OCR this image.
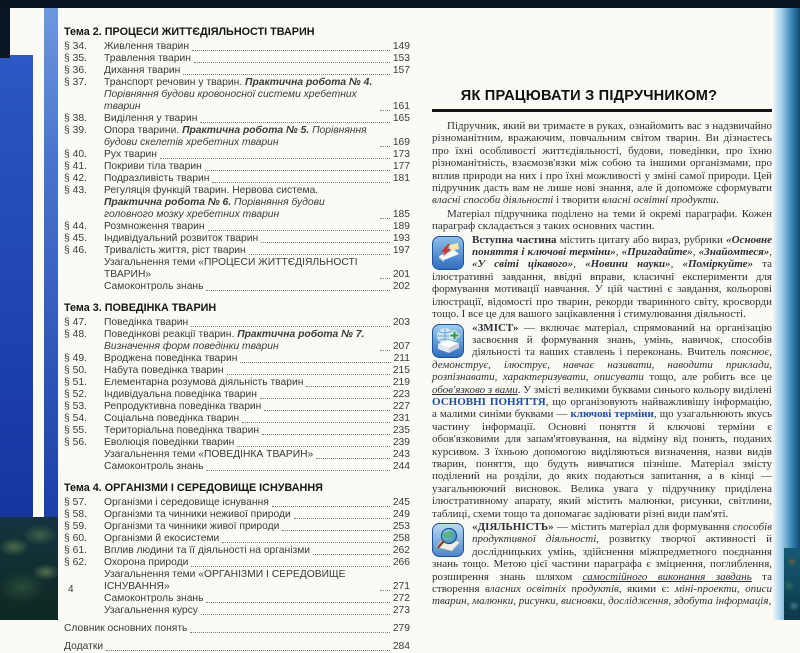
Тема 2. ПРОЦЕСИ ЖИТТЄДІЯЛЬНОСТІ ТВАРИН
§ 34.	Живлення тварин	149
§ 35.	Травлення тварин	153
§ 36.	Дихання тварин	157
§ 37.	Транспорт речовин у тварин. Практична робота № 4. Порівняння будови кровоносної системи хребетних тварин	161
§ 38.	Виділення у тварин	165
§ 39.	Опора тварини. Практична робота № 5. Порівняння будови скелетів хребетних тварин	169
§ 40.	Рух тварин	173
§ 41.	Покриви тіла тварин	177
§ 42.	Подразливість тварин	181
§ 43.	Регуляція функцій тварин. Нервова система. Практична робота № 6. Порівняння будови головного мозку хребетних тварин	185
§ 44.	Розмноження тварин	189
§ 45.	Індивідуальний розвиток тварин	193
§ 46.	Тривалість життя, ріст тварин	197
Узагальнення теми «ПРОЦЕСИ ЖИТТЄДІЯЛЬНОСТІ ТВАРИН»	201
Самоконтроль знань	202
Тема 3. ПОВЕДІНКА ТВАРИН
§ 47.	Поведінка тварин	203
§ 48.	Поведінкові реакції тварин. Практична робота № 7. Визначення форм поведінки тварин	207
§ 49.	Вроджена поведінка тварин	211
§ 50.	Набута поведінка тварин	215
§ 51.	Елементарна розумова діяльність тварин	219
§ 52.	Індивідуальна поведінка тварин	223
§ 53.	Репродуктивна поведінка тварин	227
§ 54.	Соціальна поведінка тварин	231
§ 55.	Територіальна поведінка тварин	235
§ 56.	Еволюція поведінки тварин	239
Узагальнення теми «ПОВЕДІНКА ТВАРИН»	243
Самоконтроль знань	244
Тема 4. ОРГАНІЗМИ І СЕРЕДОВИЩЕ ІСНУВАННЯ
§ 57.	Організми і середовище існування	245
§ 58.	Організми та чинники неживої природи	249
§ 59.	Організми та чинники живої природи	253
§ 60.	Організми й екосистеми	258
§ 61.	Вплив людини та її діяльності на організми	262
§ 62.	Охорона природи	266
Узагальнення теми «ОРГАНІЗМИ І СЕРЕДОВИЩЕ ІСНУВАННЯ»	271
Самоконтроль знань	272
Узагальнення курсу	273
Словник основних понять	279
Додатки	284
4
ЯК ПРАЦЮВАТИ З ПІДРУЧНИКОМ?
Підручник, який ви тримаєте в руках, ознайомить вас з надзвичайно різноманітним, вражаючим, повчальним світом тварин. Ви дізнаєтесь про їхні особливості життєдіяльності, будови, поведінки, про їхню різноманітність, взаємозв'язки між собою та іншими організмами, про вплив природи на них і про їхні можливості у зміні самої природи. Цей підручник дасть вам не лише нові знання, але й допоможе сформувати власні способи діяльності і творити власні освітні продукти.
Матеріал підручника поділено на теми й окремі параграфи. Кожен параграф складається з таких основних частин.
Вступна частина містить цитату або вираз, рубрики «Основне поняття і ключові терміни», «Пригадайте», «Знайомтеся», «У світі цікавого», «Новини науки», «Поміркуйте» та ілюстративні завдання, ввідні вправи, класичні експерименти для формування мотивації навчання. У цій частині є завдання, кольорові ілюстрації, відомості про тварин, рекорди тваринного світу, кросворди тощо. І все це для вашого зацікавлення і стимулювання діяльності.
«ЗМІСТ» — включає матеріал, спрямований на організацію засвоєння й формування знань, умінь, навичок, способів діяльності та ваших ставлень і переконань. Вчитель пояснює, демонструє, ілюструє, навчає називати, наводити приклади, розпізнавати, характеризувати, описувати тощо, але робить все це обов'язково з вами. У змісті великими буквами синього кольору виділені ОСНОВНІ ПОНЯТТЯ, що організовують найважливішу інформацію, а малими синіми буквами — ключові терміни, що узагальнюють якусь частину інформації. Основні поняття й ключові терміни є обов'язковими для запам'ятовування, на відміну від понять, поданих курсивом. З їхньою допомогою виділяються визначення, назви видів тварин, поняття, що будуть вивчатися пізніше. Матеріал змісту поділений на розділи, до яких подаються запитання, а в кінці — узагальнюючий висновок. Велика увага у підручнику приділена ілюстративному апарату, який містить малюнки, рисунки, світлини, таблиці, схеми тощо та допомагає задіювати різні види пам'яті.
«ДІЯЛЬНІСТЬ» — містить матеріал для формування способів продуктивної діяльності, розвитку творчої активності й дослідницьких умінь, здійснення міжпредметного поєднання знань тощо. Метою цієї частини параграфа є зміцнення, поглиблення, розширення знань шляхом самостійного виконання завдань та створення власних освітніх продуктів, якими є: міні-проекти, описи тварин, малюнки, рисунки, висновки, дослідження, здобута інформація,
